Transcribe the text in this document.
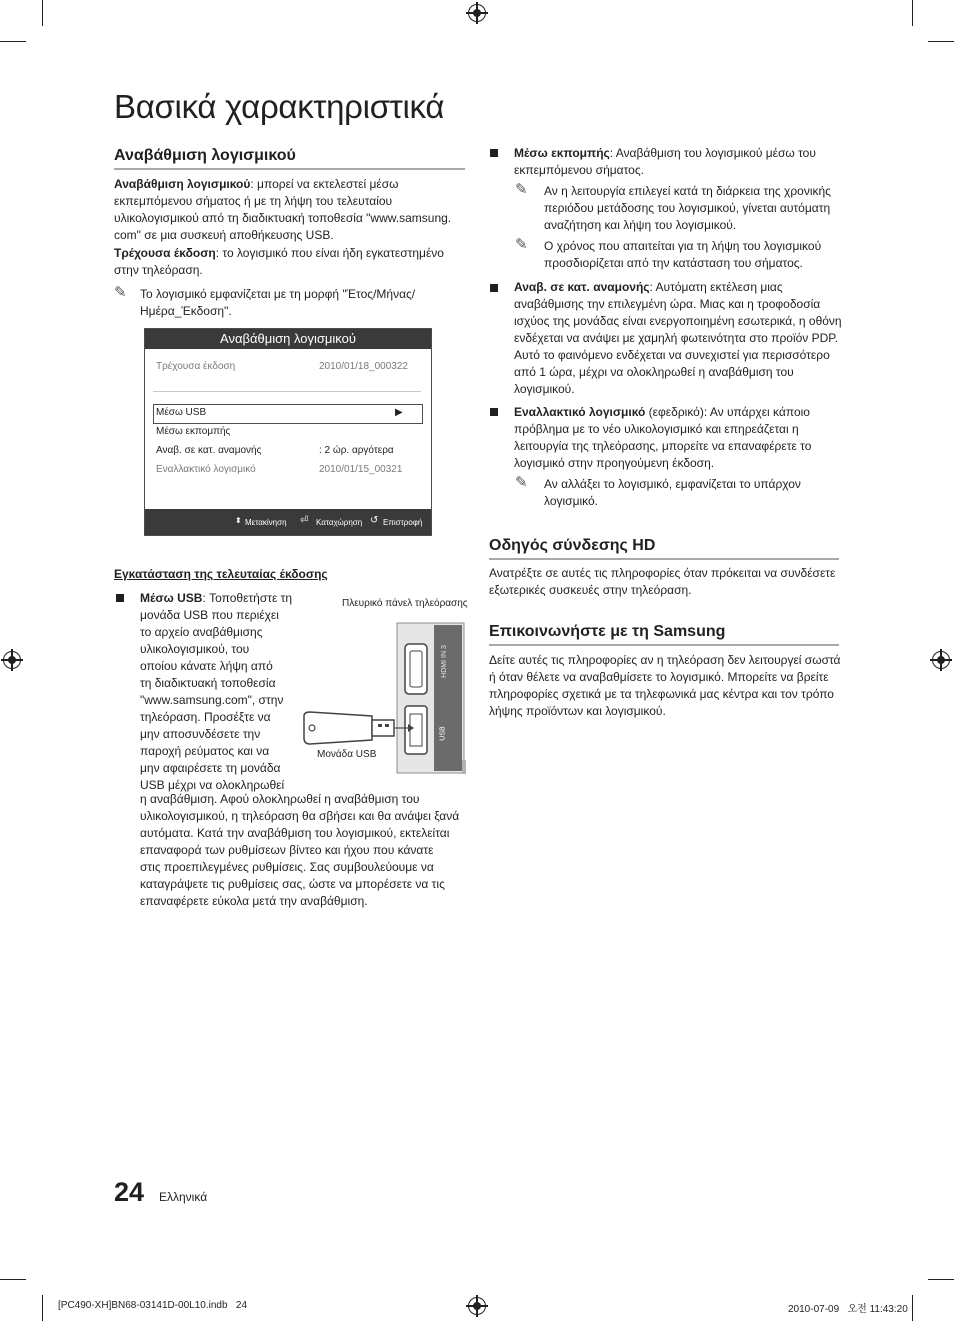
Βασικά χαρακτηριστικά
Αναβάθμιση λογισμικού
Αναβάθμιση λογισμικού: μπορεί να εκτελεστεί μέσω
εκπεμπόμενου σήματος ή με τη λήψη του τελευταίου
υλικολογισμικού από τη διαδικτυακή τοποθεσία "www.samsung.
com" σε μια συσκευή αποθήκευσης USB.
Τρέχουσα έκδοση: το λογισμικό που είναι ήδη εγκατεστημένο
στην τηλεόραση.
✎ Το λογισμικό εμφανίζεται με τη μορφή "Έτος/Μήνας/
Ημέρα_Έκδοση".
Αναβάθμιση λογισμικού
Τρέχουσα έκδοση	2010/01/18_000322
Μέσω USB	▶
Μέσω εκπομπής
Αναβ. σε κατ. αναμονής	: 2 ώρ. αργότερα
Εναλλακτικό λογισμικό	2010/01/15_00321
⬍ Μετακίνηση ⏎ Καταχώρηση ↺ Επιστροφή
Εγκατάσταση της τελευταίας έκδοσης
Μέσω USB: Τοποθετήστε τη
μονάδα USB που περιέχει
το αρχείο αναβάθμισης
υλικολογισμικού, του
οποίου κάνατε λήψη από
τη διαδικτυακή τοποθεσία
"www.samsung.com", στην
τηλεόραση. Προσέξτε να
μην αποσυνδέσετε την
παροχή ρεύματος και να
μην αφαιρέσετε τη μονάδα
USB μέχρι να ολοκληρωθεί
η αναβάθμιση. Αφού ολοκληρωθεί η αναβάθμιση του
υλικολογισμικού, η τηλεόραση θα σβήσει και θα ανάψει ξανά
αυτόματα. Κατά την αναβάθμιση του λογισμικού, εκτελείται
επαναφορά των ρυθμίσεων βίντεο και ήχου που κάνατε
στις προεπιλεγμένες ρυθμίσεις. Σας συμβουλεύουμε να
καταγράψετε τις ρυθμίσεις σας, ώστε να μπορέσετε να τις
επαναφέρετε εύκολα μετά την αναβάθμιση.
Πλευρικό πάνελ τηλεόρασης
HDMI IN 3
USB
Μονάδα USB
Μέσω εκπομπής: Αναβάθμιση του λογισμικού μέσω του
εκπεμπόμενου σήματος.
✎ Αν η λειτουργία επιλεγεί κατά τη διάρκεια της χρονικής
περιόδου μετάδοσης του λογισμικού, γίνεται αυτόματη
αναζήτηση και λήψη του λογισμικού.
✎ Ο χρόνος που απαιτείται για τη λήψη του λογισμικού
προσδιορίζεται από την κατάσταση του σήματος.
Αναβ. σε κατ. αναμονής: Αυτόματη εκτέλεση μιας
αναβάθμισης την επιλεγμένη ώρα. Μιας και η τροφοδοσία
ισχύος της μονάδας είναι ενεργοποιημένη εσωτερικά, η οθόνη
ενδέχεται να ανάψει με χαμηλή φωτεινότητα στο προϊόν PDP.
Αυτό το φαινόμενο ενδέχεται να συνεχιστεί για περισσότερο
από 1 ώρα, μέχρι να ολοκληρωθεί η αναβάθμιση του
λογισμικού.
Εναλλακτικό λογισμικό (εφεδρικό): Αν υπάρχει κάποιο
πρόβλημα με το νέο υλικολογισμικό και επηρεάζεται η
λειτουργία της τηλεόρασης, μπορείτε να επαναφέρετε το
λογισμικό στην προηγούμενη έκδοση.
✎ Αν αλλάξει το λογισμικό, εμφανίζεται το υπάρχον
λογισμικό.
Οδηγός σύνδεσης HD
Ανατρέξτε σε αυτές τις πληροφορίες όταν πρόκειται να συνδέσετε
εξωτερικές συσκευές στην τηλεόραση.
Επικοινωνήστε με τη Samsung
Δείτε αυτές τις πληροφορίες αν η τηλεόραση δεν λειτουργεί σωστά
ή όταν θέλετε να αναβαθμίσετε το λογισμικό. Μπορείτε να βρείτε
πληροφορίες σχετικά με τα τηλεφωνικά μας κέντρα και τον τρόπο
λήψης προϊόντων και λογισμικού.
24 Ελληνικά
[PC490-XH]BN68-03141D-00L10.indb   24	2010-07-09   오전 11:43:20
